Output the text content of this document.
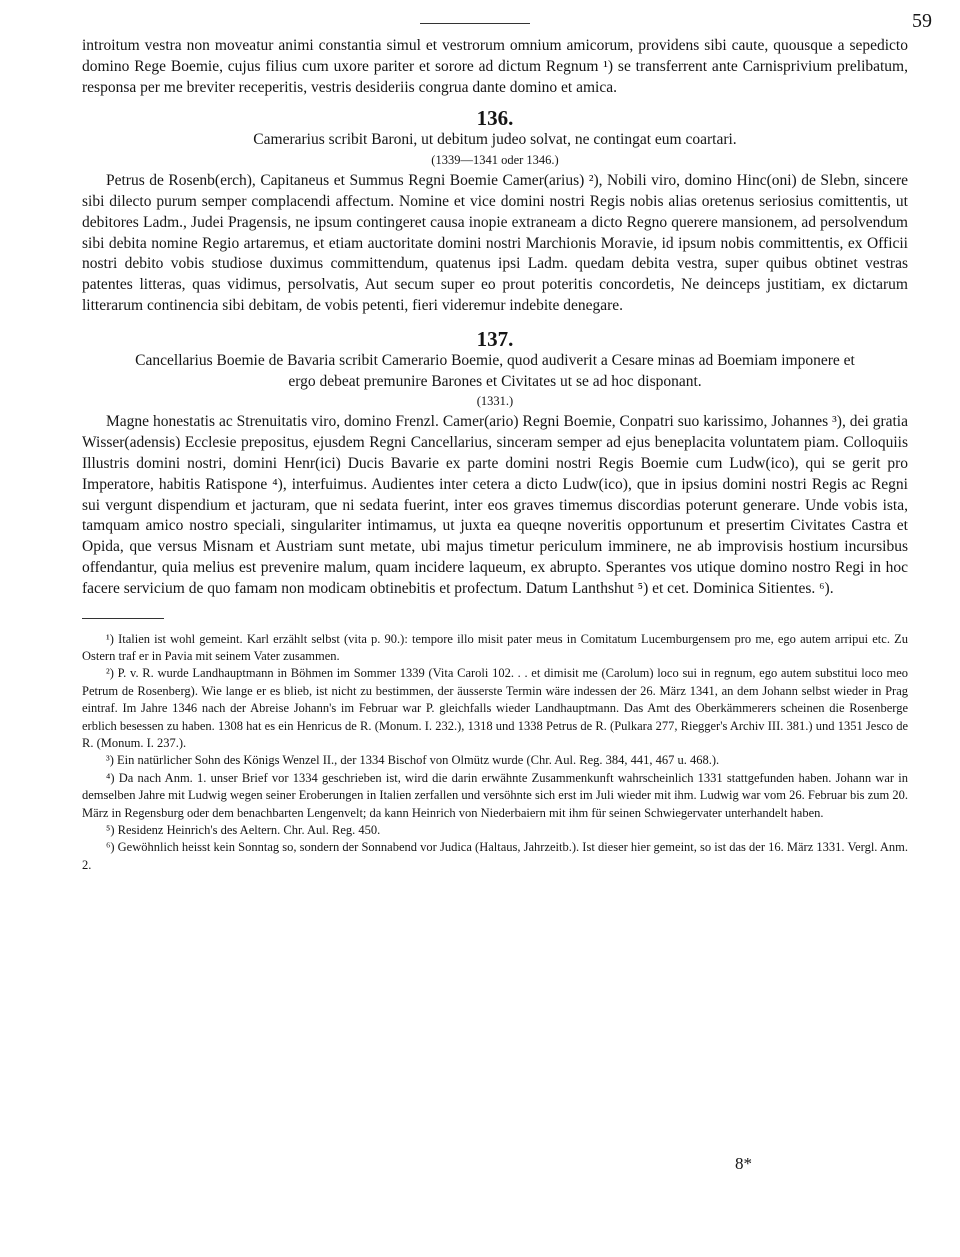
59

introitum vestra non moveatur animi constantia simul et vestrorum omnium amicorum, providens sibi caute, quousque a sepedicto domino Rege Boemie, cujus filius cum uxore pariter et sorore ad dictum Regnum ¹) se transferrent ante Carnisprivium prelibatum, responsa per me breviter receperitis, vestris desideriis congrua dante domino et amica.

136.
Camerarius scribit Baroni, ut debitum judeo solvat, ne contingat eum coartari.
(1339—1341 oder 1346.)

Petrus de Rosenb(erch), Capitaneus et Summus Regni Boemie Camer(arius) ²), Nobili viro, domino Hinc(oni) de Slebn, sincere sibi dilecto purum semper complacendi affectum. Nomine et vice domini nostri Regis nobis alias oretenus seriosius comittentis, ut debitores Ladm., Judei Pragensis, ne ipsum contingeret causa inopie extraneam a dicto Regno querere mansionem, ad persolvendum sibi debita nomine Regio artaremus, et etiam auctoritate domini nostri Marchionis Moravie, id ipsum nobis committentis, ex Officii nostri debito vobis studiose duximus committendum, quatenus ipsi Ladm. quedam debita vestra, super quibus obtinet vestras patentes litteras, quas vidimus, persolvatis, Aut secum super eo prout poteritis concordetis, Ne deinceps justitiam, ex dictarum litterarum continencia sibi debitam, de vobis petenti, fieri videremur indebite denegare.

137.
Cancellarius Boemie de Bavaria scribit Camerario Boemie, quod audiverit a Cesare minas ad Boemiam imponere et ergo debeat premunire Barones et Civitates ut se ad hoc disponant.
(1331.)

Magne honestatis ac Strenuitatis viro, domino Frenzl. Camer(ario) Regni Boemie, Conpatri suo karissimo, Johannes ³), dei gratia Wisser(adensis) Ecclesie prepositus, ejusdem Regni Cancellarius, sinceram semper ad ejus beneplacita voluntatem piam. Colloquiis Illustris domini nostri, domini Henr(ici) Ducis Bavarie ex parte domini nostri Regis Boemie cum Ludw(ico), qui se gerit pro Imperatore, habitis Ratispone ⁴), interfuimus. Audientes inter cetera a dicto Ludw(ico), que in ipsius domini nostri Regis ac Regni sui vergunt dispendium et jacturam, que ni sedata fuerint, inter eos graves timemus discordias poterunt generare. Unde vobis ista, tamquam amico nostro speciali, singulariter intimamus, ut juxta ea queqne noveritis opportunum et presertim Civitates Castra et Opida, que versus Misnam et Austriam sunt metate, ubi majus timetur periculum imminere, ne ab improvisis hostium incursibus offendantur, quia melius est prevenire malum, quam incidere laqueum, ex abrupto. Sperantes vos utique domino nostro Regi in hoc facere servicium de quo famam non modicam obtinebitis et profectum. Datum Lanthshut ⁵) et cet. Dominica Sitientes. ⁶).

¹) Italien ist wohl gemeint. Karl erzählt selbst (vita p. 90.): tempore illo misit pater meus in Comitatum Lucemburgensem pro me, ego autem arripui etc. Zu Ostern traf er in Pavia mit seinem Vater zusammen.

²) P. v. R. wurde Landhauptmann in Böhmen im Sommer 1339 (Vita Caroli 102. . . et dimisit me (Carolum) loco sui in regnum, ego autem substitui loco meo Petrum de Rosenberg). Wie lange er es blieb, ist nicht zu bestimmen, der äusserste Termin wäre indessen der 26. März 1341, an dem Johann selbst wieder in Prag eintraf. Im Jahre 1346 nach der Abreise Johann's im Februar war P. gleichfalls wieder Landhauptmann. Das Amt des Oberkämmerers scheinen die Rosenberge erblich besessen zu haben. 1308 hat es ein Henricus de R. (Monum. I. 232.), 1318 und 1338 Petrus de R. (Pulkara 277, Riegger's Archiv III. 381.) und 1351 Jesco de R. (Monum. I. 237.).

³) Ein natürlicher Sohn des Königs Wenzel II., der 1334 Bischof von Olmütz wurde (Chr. Aul. Reg. 384, 441, 467 u. 468.).

⁴) Da nach Anm. 1. unser Brief vor 1334 geschrieben ist, wird die darin erwähnte Zusammenkunft wahrscheinlich 1331 stattgefunden haben. Johann war in demselben Jahre mit Ludwig wegen seiner Eroberungen in Italien zerfallen und versöhnte sich erst im Juli wieder mit ihm. Ludwig war vom 26. Februar bis zum 20. März in Regensburg oder dem benachbarten Lengenvelt; da kann Heinrich von Niederbaiern mit ihm für seinen Schwiegervater unterhandelt haben.

⁵) Residenz Heinrich's des Aeltern. Chr. Aul. Reg. 450.

⁶) Gewöhnlich heisst kein Sonntag so, sondern der Sonnabend vor Judica (Haltaus, Jahrzeitb.). Ist dieser hier gemeint, so ist das der 16. März 1331. Vergl. Anm. 2.

8*
